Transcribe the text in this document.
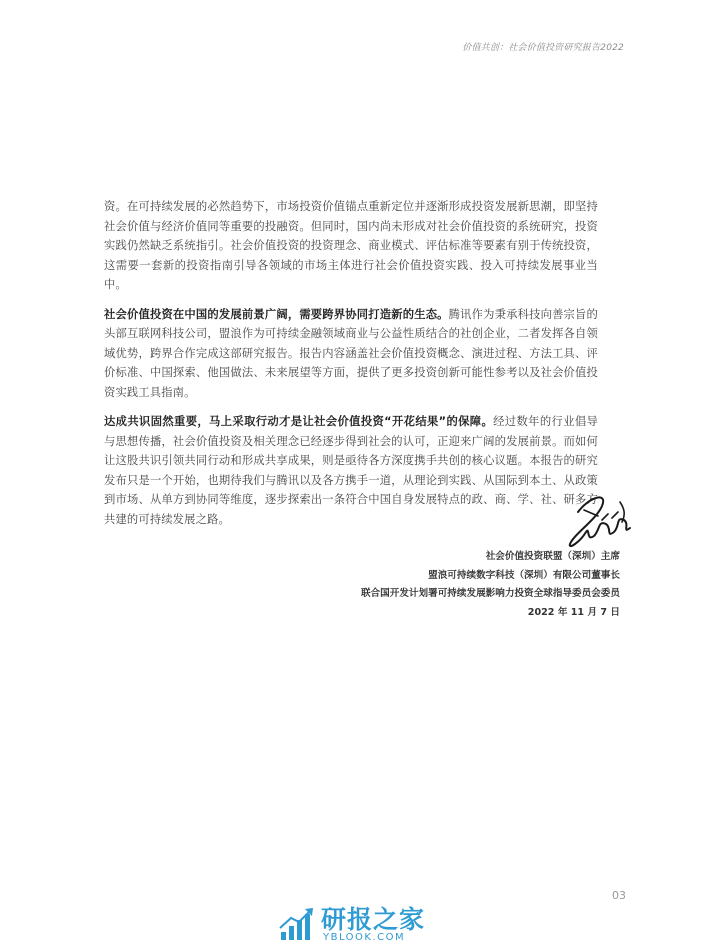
价值共创：社会价值投资研究报告2022

资。在可持续发展的必然趋势下，市场投资价值锚点重新定位并逐渐形成投资发展新思潮，即坚持社会价值与经济价值同等重要的投融资。但同时，国内尚未形成对社会价值投资的系统研究，投资实践仍然缺乏系统指引。社会价值投资的投资理念、商业模式、评估标准等要素有别于传统投资，这需要一套新的投资指南引导各领域的市场主体进行社会价值投资实践、投入可持续发展事业当中。

社会价值投资在中国的发展前景广阔，需要跨界协同打造新的生态。腾讯作为秉承科技向善宗旨的头部互联网科技公司，盟浪作为可持续金融领域商业与公益性质结合的社创企业，二者发挥各自领域优势，跨界合作完成这部研究报告。报告内容涵盖社会价值投资概念、演进过程、方法工具、评价标准、中国探索、他国做法、未来展望等方面，提供了更多投资创新可能性参考以及社会价值投资实践工具指南。

达成共识固然重要，马上采取行动才是让社会价值投资“开花结果”的保障。经过数年的行业倡导与思想传播，社会价值投资及相关理念已经逐步得到社会的认可，正迎来广阔的发展前景。而如何让这股共识引领共同行动和形成共享成果，则是亟待各方深度携手共创的核心议题。本报告的研究发布只是一个开始，也期待我们与腾讯以及各方携手一道，从理论到实践、从国际到本土、从政策到市场、从单方到协同等维度，逐步探索出一条符合中国自身发展特点的政、商、学、社、研多方共建的可持续发展之路。

社会价值投资联盟（深圳）主席
盟浪可持续数字科技（深圳）有限公司董事长
联合国开发计划署可持续发展影响力投资全球指导委员会委员
2022 年 11 月 7 日
03
研报之家
YBLOOK.COM
